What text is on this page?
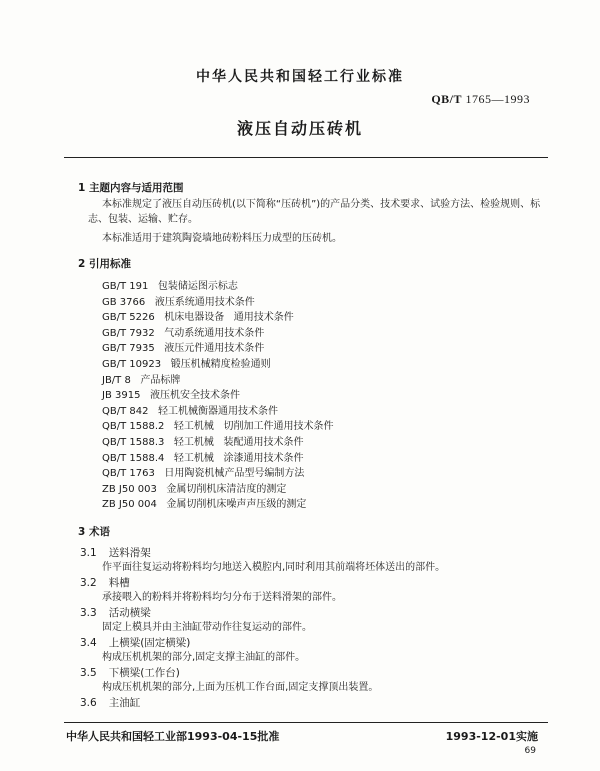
中华人民共和国轻工行业标准
QB/T 1765—1993
液压自动压砖机
1 主题内容与适用范围
本标准规定了液压自动压砖机(以下简称“压砖机”)的产品分类、技术要求、试验方法、检验规则、标志、包装、运输、贮存。
本标准适用于建筑陶瓷墙地砖粉料压力成型的压砖机。
2 引用标准
GB/T 191   包装储运图示标志
GB 3766   液压系统通用技术条件
GB/T 5226   机床电器设备   通用技术条件
GB/T 7932   气动系统通用技术条件
GB/T 7935   液压元件通用技术条件
GB/T 10923   锻压机械精度检验通则
JB/T 8   产品标牌
JB 3915   液压机安全技术条件
QB/T 842   轻工机械衡器通用技术条件
QB/T 1588.2   轻工机械   切削加工件通用技术条件
QB/T 1588.3   轻工机械   装配通用技术条件
QB/T 1588.4   轻工机械   涂漆通用技术条件
QB/T 1763   日用陶瓷机械产品型号编制方法
ZB J50 003   金属切削机床清洁度的测定
ZB J50 004   金属切削机床噪声声压级的测定
3 术语
3.1 送料滑架
作平面往复运动将粉料均匀地送入模腔内,同时利用其前端将坯体送出的部件。
3.2 料槽
承接喂入的粉料并将粉料均匀分布于送料滑架的部件。
3.3 活动横梁
固定上模具并由主油缸带动作往复运动的部件。
3.4 上横梁(固定横梁)
构成压机机架的部分,固定支撑主油缸的部件。
3.5 下横梁(工作台)
构成压机机架的部分,上面为压机工作台面,固定支撑顶出装置。
3.6 主油缸
中华人民共和国轻工业部1993-04-15批准	1993-12-01实施
69
